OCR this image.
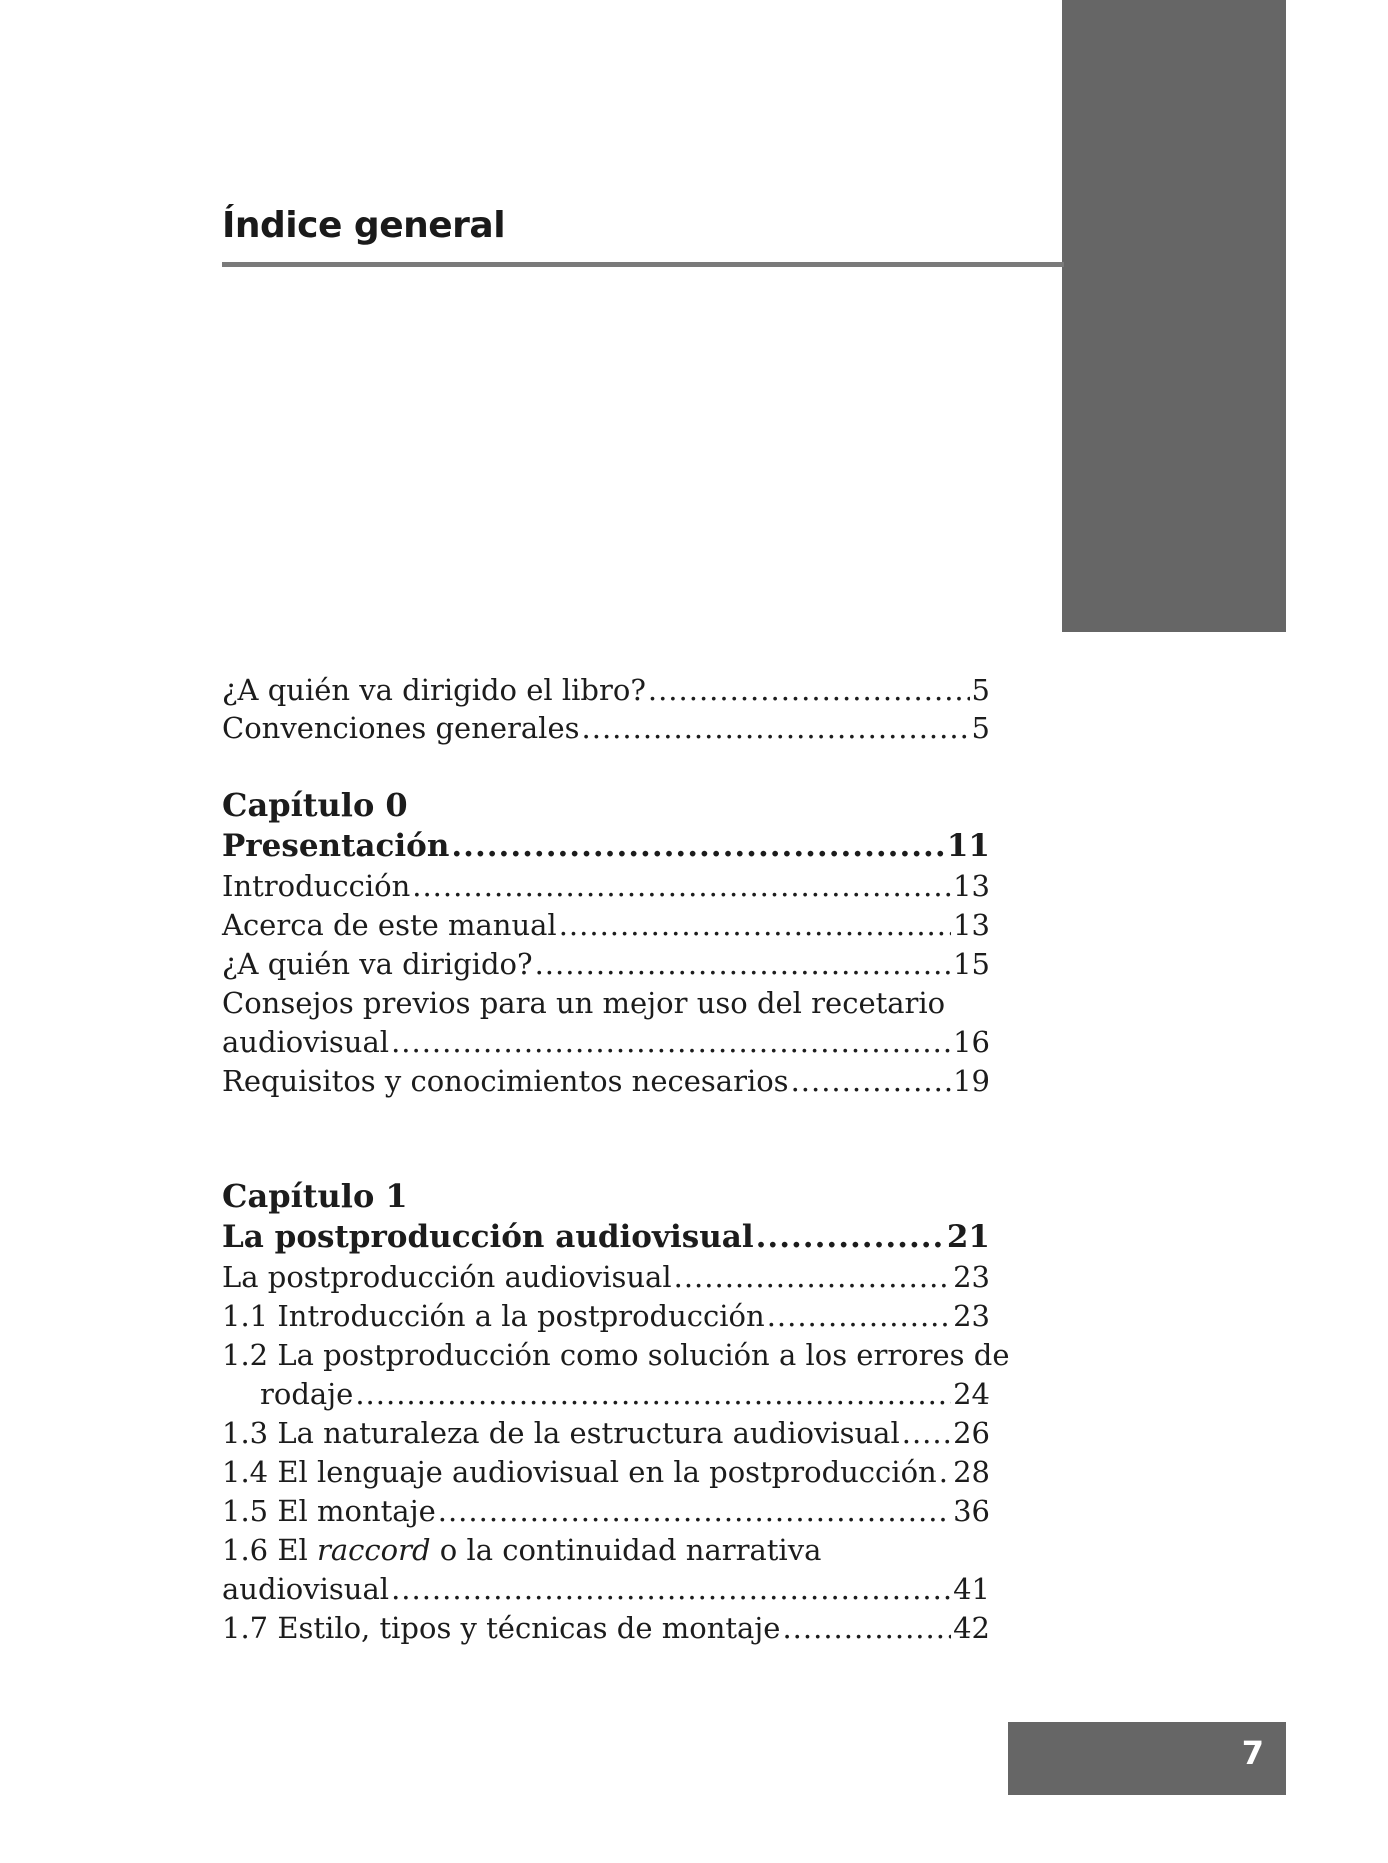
Índice general
¿A quién va dirigido el libro? .....	5
Convenciones generales .....	5
Capítulo 0
Presentación .....	11
Introducción .....	13
Acerca de este manual .....	13
¿A quién va dirigido? .....	15
Consejos previos para un mejor uso del recetario
audiovisual .....	16
Requisitos y conocimientos necesarios .....	19
Capítulo 1
La postproducción audiovisual .....	21
La postproducción audiovisual .....	23
1.1 Introducción a la postproducción .....	23
1.2 La postproducción como solución a los errores de
rodaje .....	24
1.3 La naturaleza de la estructura audiovisual ..... 26
1.4 El lenguaje audiovisual en la postproducción ..... 28
1.5 El montaje .....	36
1.6 El raccord o la continuidad narrativa
audiovisual .....	41
1.7 Estilo, tipos y técnicas de montaje .....	42

7
